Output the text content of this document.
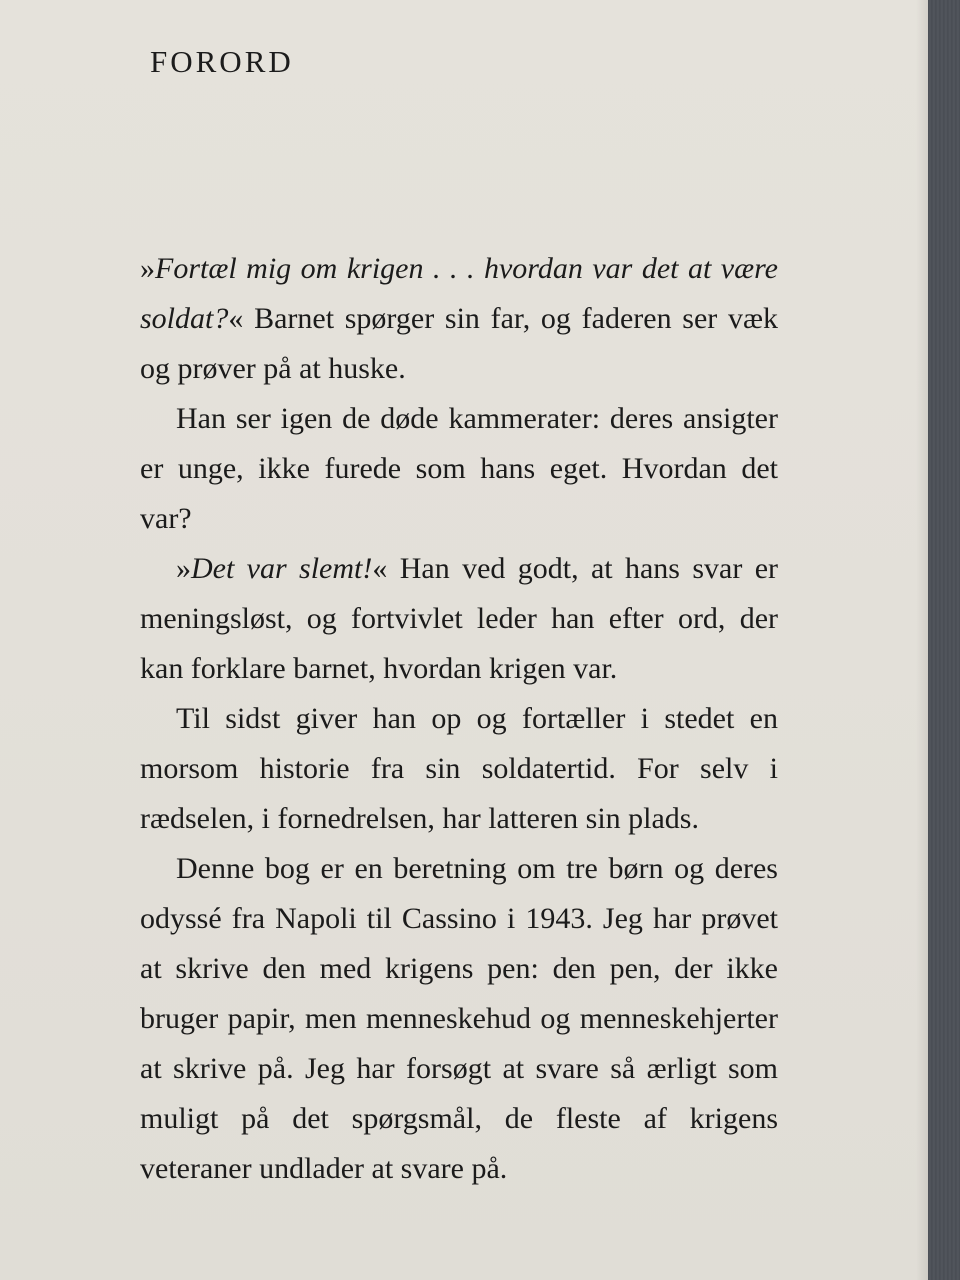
FORORD

»Fortæl mig om krigen . . . hvordan var det at være soldat?« Barnet spørger sin far, og faderen ser væk og prøver på at huske.

Han ser igen de døde kammerater: deres ansigter er unge, ikke furede som hans eget. Hvordan det var?

»Det var slemt!« Han ved godt, at hans svar er meningsløst, og fortvivlet leder han efter ord, der kan forklare barnet, hvordan krigen var.

Til sidst giver han op og fortæller i stedet en morsom historie fra sin soldatertid. For selv i rædselen, i fornedrelsen, har latteren sin plads.

Denne bog er en beretning om tre børn og deres odyssé fra Napoli til Cassino i 1943. Jeg har prøvet at skrive den med krigens pen: den pen, der ikke bruger papir, men menneskehud og menneskehjerter at skrive på. Jeg har forsøgt at svare så ærligt som muligt på det spørgsmål, de fleste af krigens veteraner undlader at svare på.
